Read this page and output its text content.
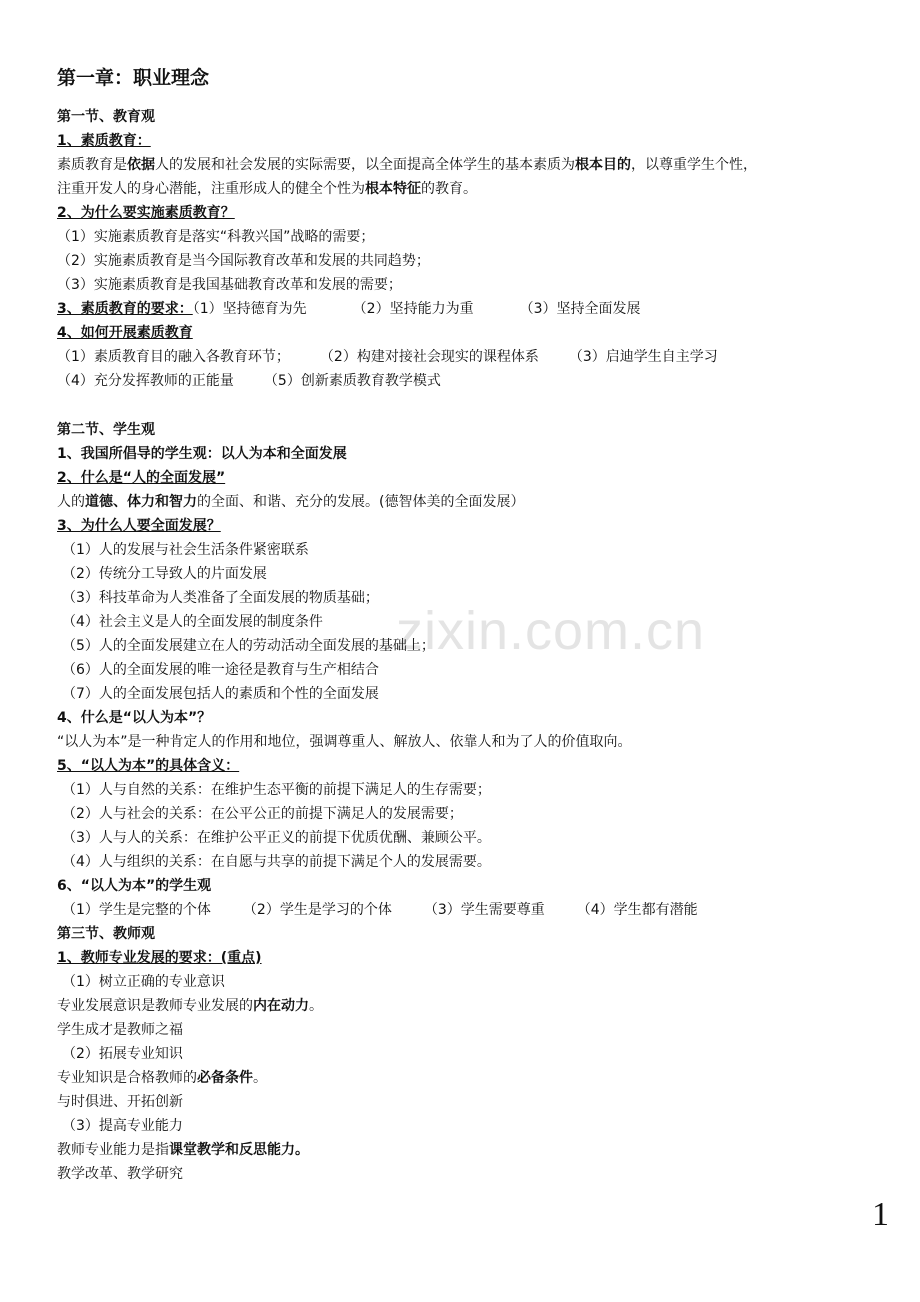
zixin.com.cn
第一章：职业理念
第一节、教育观
1、素质教育：
素质教育是依据人的发展和社会发展的实际需要，以全面提高全体学生的基本素质为根本目的，以尊重学生个性，
注重开发人的身心潜能，注重形成人的健全个性为根本特征的教育。
2、为什么要实施素质教育？
（1）实施素质教育是落实“科教兴国”战略的需要；
（2）实施素质教育是当今国际教育改革和发展的共同趋势；
（3）实施素质教育是我国基础教育改革和发展的需要；
3、素质教育的要求：（1）坚持德育为先	（2）坚持能力为重	（3）坚持全面发展
4、如何开展素质教育
（1）素质教育目的融入各教育环节； （2）构建对接社会现实的课程体系 （3）启迪学生自主学习
（4）充分发挥教师的正能量 （5）创新素质教育教学模式
第二节、学生观
1、我国所倡导的学生观：以人为本和全面发展
2、什么是“人的全面发展”
人的道德、体力和智力的全面、和谐、充分的发展。(德智体美的全面发展）
3、为什么人要全面发展？
（1）人的发展与社会生活条件紧密联系
（2）传统分工导致人的片面发展
（3）科技革命为人类准备了全面发展的物质基础；
（4）社会主义是人的全面发展的制度条件
（5）人的全面发展建立在人的劳动活动全面发展的基础上；
（6）人的全面发展的唯一途径是教育与生产相结合
（7）人的全面发展包括人的素质和个性的全面发展
4、什么是“以人为本”？
“以人为本”是一种肯定人的作用和地位，强调尊重人、解放人、依靠人和为了人的价值取向。
5、“以人为本”的具体含义：
（1）人与自然的关系：在维护生态平衡的前提下满足人的生存需要；
（2）人与社会的关系：在公平公正的前提下满足人的发展需要；
（3）人与人的关系：在维护公平正义的前提下优质优酬、兼顾公平。
（4）人与组织的关系：在自愿与共享的前提下满足个人的发展需要。
6、“以人为本”的学生观
（1）学生是完整的个体 （2）学生是学习的个体 （3）学生需要尊重 （4）学生都有潜能
第三节、教师观
1、教师专业发展的要求：(重点)
（1）树立正确的专业意识
专业发展意识是教师专业发展的内在动力。
学生成才是教师之福
（2）拓展专业知识
专业知识是合格教师的必备条件。
与时俱进、开拓创新
（3）提高专业能力
教师专业能力是指课堂教学和反思能力。
教学改革、教学研究
1
